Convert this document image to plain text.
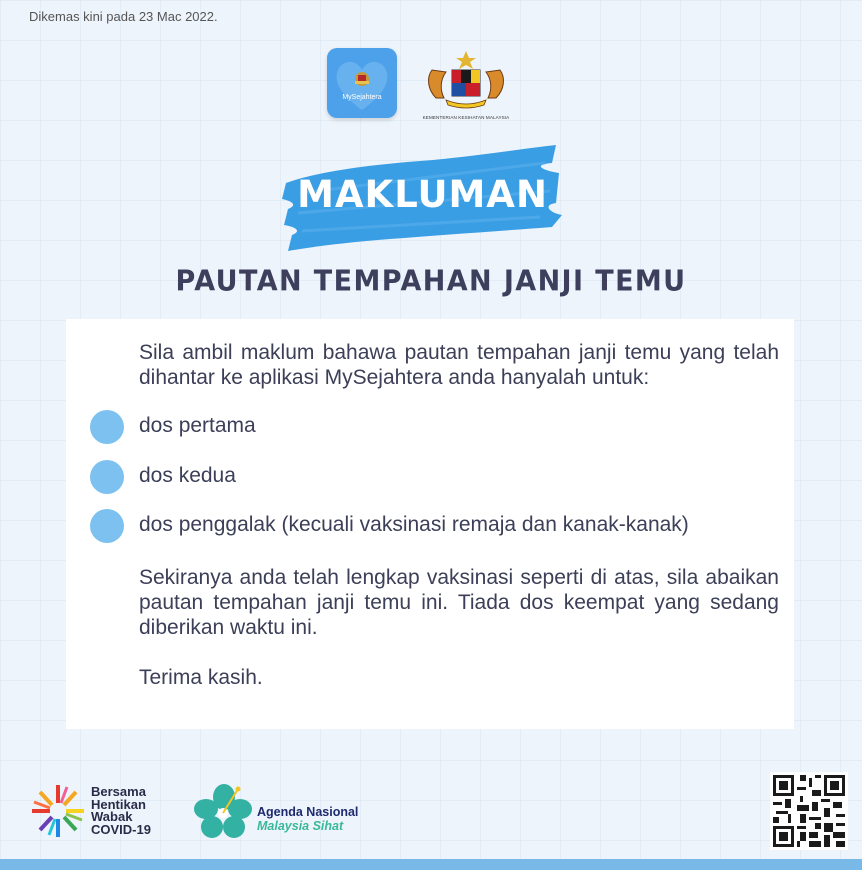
Dikemas kini pada 23 Mac 2022.
MySejahtera
KEMENTERIAN KESIHATAN MALAYSIA
MAKLUMAN
PAUTAN TEMPAHAN JANJI TEMU

Sila ambil maklum bahawa pautan tempahan janji temu yang telah dihantar ke aplikasi MySejahtera anda hanyalah untuk:

dos pertama
dos kedua
dos penggalak (kecuali vaksinasi remaja dan kanak-kanak)

Sekiranya anda telah lengkap vaksinasi seperti di atas, sila abaikan pautan tempahan janji temu ini. Tiada dos keempat yang sedang diberikan waktu ini.

Terima kasih.

Bersama
Hentikan
Wabak
COVID-19
Agenda Nasional
Malaysia Sihat
